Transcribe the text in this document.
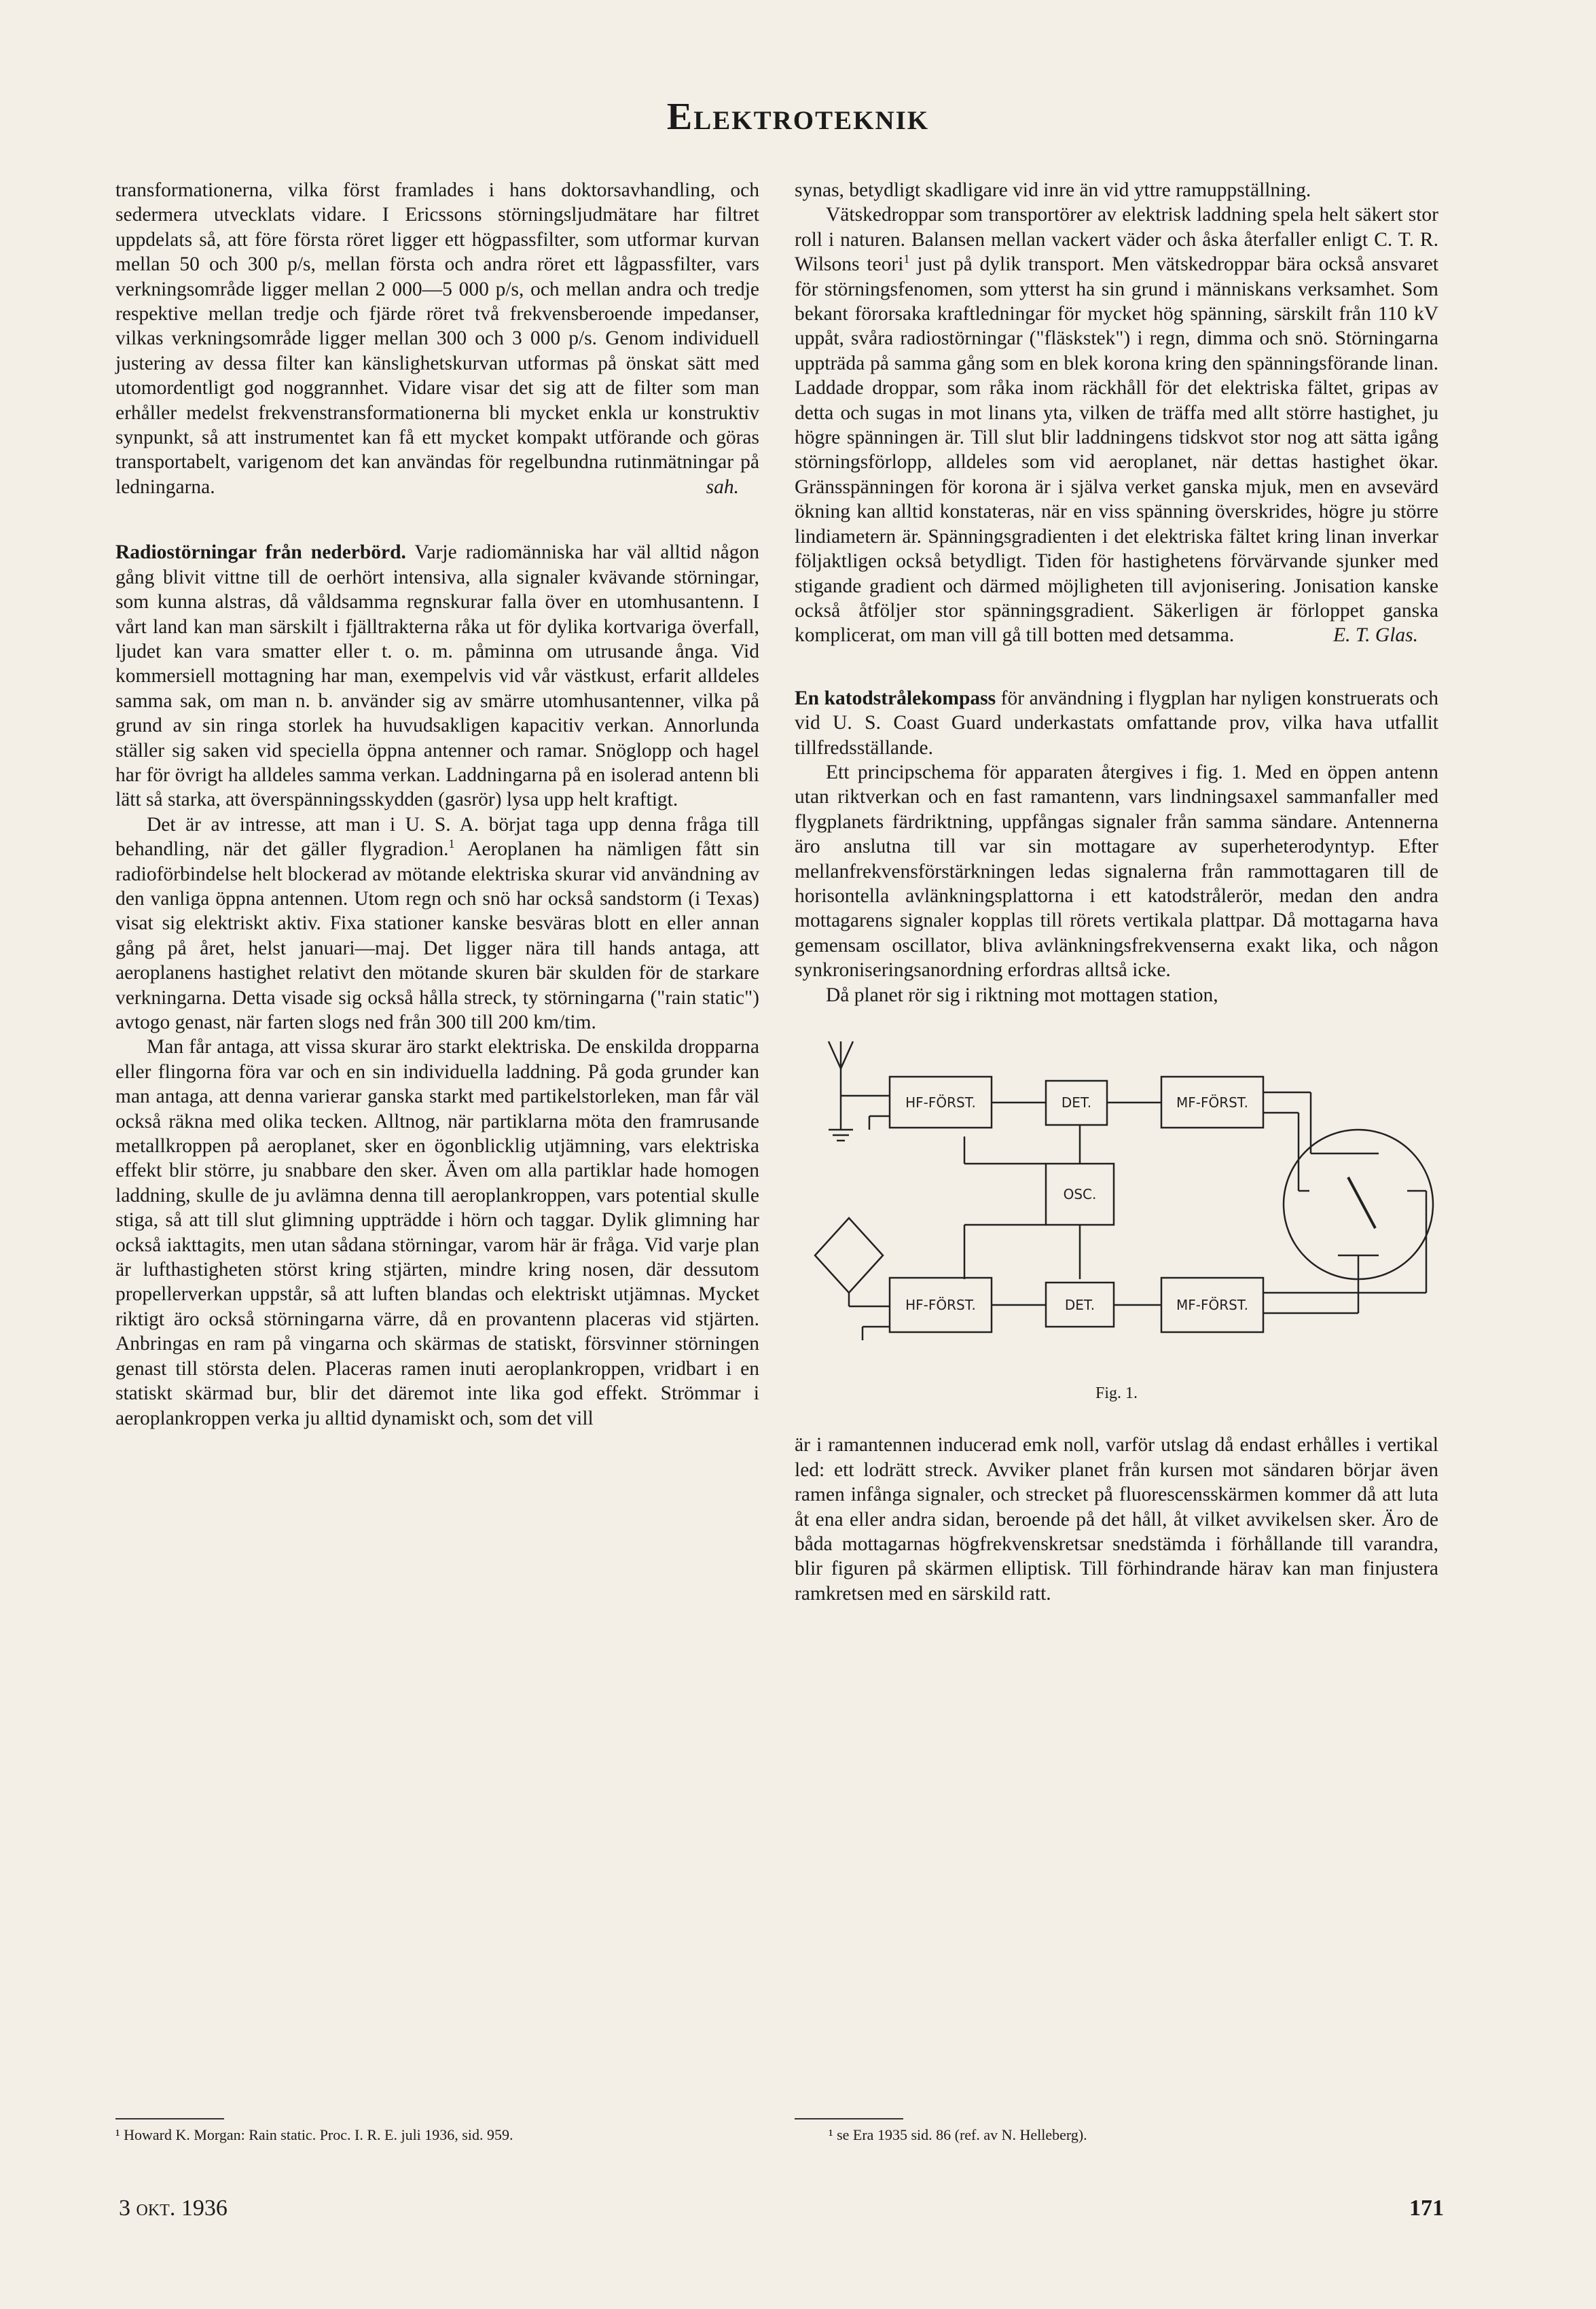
Elektroteknik

transformationerna, vilka först framlades i hans doktorsavhandling, och sedermera utvecklats vidare. I Ericssons störningsljudmätare har filtret uppdelats så, att före första röret ligger ett högpassfilter, som utformar kurvan mellan 50 och 300 p/s, mellan första och andra röret ett lågpassfilter, vars verkningsområde ligger mellan 2 000—5 000 p/s, och mellan andra och tredje respektive mellan tredje och fjärde röret två frekvensberoende impedanser, vilkas verkningsområde ligger mellan 300 och 3 000 p/s. Genom individuell justering av dessa filter kan känslighetskurvan utformas på önskat sätt med utomordentligt god noggrannhet. Vidare visar det sig att de filter som man erhåller medelst frekvenstransformationerna bli mycket enkla ur konstruktiv synpunkt, så att instrumentet kan få ett mycket kompakt utförande och göras transportabelt, varigenom det kan användas för regelbundna rutinmätningar på ledningarna.	sah.

Radiostörningar från nederbörd. Varje radiomänniska har väl alltid någon gång blivit vittne till de oerhört intensiva, alla signaler kvävande störningar, som kunna alstras, då våldsamma regnskurar falla över en utomhusantenn. I vårt land kan man särskilt i fjälltrakterna råka ut för dylika kortvariga överfall, ljudet kan vara smatter eller t. o. m. påminna om utrusande ånga. Vid kommersiell mottagning har man, exempelvis vid vår västkust, erfarit alldeles samma sak, om man n. b. använder sig av smärre utomhusantenner, vilka på grund av sin ringa storlek ha huvudsakligen kapacitiv verkan. Annorlunda ställer sig saken vid speciella öppna antenner och ramar. Snöglopp och hagel har för övrigt ha alldeles samma verkan. Laddningarna på en isolerad antenn bli lätt så starka, att överspänningsskydden (gasrör) lysa upp helt kraftigt.

Det är av intresse, att man i U. S. A. börjat taga upp denna fråga till behandling, när det gäller flygradion.$^1$ Aeroplanen ha nämligen fått sin radioförbindelse helt blockerad av mötande elektriska skurar vid användning av den vanliga öppna antennen. Utom regn och snö har också sandstorm (i Texas) visat sig elektriskt aktiv. Fixa stationer kanske besväras blott en eller annan gång på året, helst januari—maj. Det ligger nära till hands antaga, att aeroplanens hastighet relativt den mötande skuren bär skulden för de starkare verkningarna. Detta visade sig också hålla streck, ty störningarna ("rain static") avtogo genast, när farten slogs ned från 300 till 200 km/tim.

Man får antaga, att vissa skurar äro starkt elektriska. De enskilda dropparna eller flingorna föra var och en sin individuella laddning. På goda grunder kan man antaga, att denna varierar ganska starkt med partikelstorleken, man får väl också räkna med olika tecken. Alltnog, när partiklarna möta den framrusande metallkroppen på aeroplanet, sker en ögonblicklig utjämning, vars elektriska effekt blir större, ju snabbare den sker. Även om alla partiklar hade homogen laddning, skulle de ju avlämna denna till aeroplankroppen, vars potential skulle stiga, så att till slut glimning uppträdde i hörn och taggar. Dylik glimning har också iakttagits, men utan sådana störningar, varom här är fråga. Vid varje plan är lufthastigheten störst kring stjärten, mindre kring nosen, där dessutom propellerverkan uppstår, så att luften blandas och elektriskt utjämnas. Mycket riktigt äro också störningarna värre, då en provantenn placeras vid stjärten. Anbringas en ram på vingarna och skärmas de statiskt, försvinner störningen genast till största delen. Placeras ramen inuti aeroplankroppen, vridbart i en statiskt skärmad bur, blir det däremot inte lika god effekt. Strömmar i aeroplankroppen verka ju alltid dynamiskt och, som det vill

synas, betydligt skadligare vid inre än vid yttre ramuppställning.

Vätskedroppar som transportörer av elektrisk laddning spela helt säkert stor roll i naturen. Balansen mellan vackert väder och åska återfaller enligt C. T. R. Wilsons teori$^1$ just på dylik transport. Men vätskedroppar bära också ansvaret för störningsfenomen, som ytterst ha sin grund i människans verksamhet. Som bekant förorsaka kraftledningar för mycket hög spänning, särskilt från 110 kV uppåt, svåra radiostörningar ("fläskstek") i regn, dimma och snö. Störningarna uppträda på samma gång som en blek korona kring den spänningsförande linan. Laddade droppar, som råka inom räckhåll för det elektriska fältet, gripas av detta och sugas in mot linans yta, vilken de träffa med allt större hastighet, ju högre spänningen är. Till slut blir laddningens tidskvot stor nog att sätta igång störningsförlopp, alldeles som vid aeroplanet, när dettas hastighet ökar. Gränsspänningen för korona är i själva verket ganska mjuk, men en avsevärd ökning kan alltid konstateras, när en viss spänning överskrides, högre ju större lindiametern är. Spänningsgradienten i det elektriska fältet kring linan inverkar följaktligen också betydligt. Tiden för hastighetens förvärvande sjunker med stigande gradient och därmed möjligheten till avjonisering. Jonisation kanske också åtföljer stor spänningsgradient. Säkerligen är förloppet ganska komplicerat, om man vill gå till botten med detsamma.	E. T. Glas.

En katodstrålekompass för användning i flygplan har nyligen konstruerats och vid U. S. Coast Guard underkastats omfattande prov, vilka hava utfallit tillfredsställande.

Ett principschema för apparaten återgives i fig. 1. Med en öppen antenn utan riktverkan och en fast ramantenn, vars lindningsaxel sammanfaller med flygplanets färdriktning, uppfångas signaler från samma sändare. Antennerna äro anslutna till var sin mottagare av superheterodyntyp. Efter mellanfrekvensförstärkningen ledas signalerna från rammottagaren till de horisontella avlänkningsplattorna i ett katodstrålerör, medan den andra mottagarens signaler kopplas till rörets vertikala plattpar. Då mottagarna hava gemensam oscillator, bliva avlänkningsfrekvenserna exakt lika, och någon synkroniseringsanordning erfordras alltså icke.

Då planet rör sig i riktning mot mottagen station,

HF-FÖRST.	DET.	MF-FÖRST.
OSC.
HF-FÖRST.	DET.	MF-FÖRST.
Fig. 1.

är i ramantennen inducerad emk noll, varför utslag då endast erhålles i vertikal led: ett lodrätt streck. Avviker planet från kursen mot sändaren börjar även ramen infånga signaler, och strecket på fluorescensskärmen kommer då att luta åt ena eller andra sidan, beroende på det håll, åt vilket avvikelsen sker. Äro de båda mottagarnas högfrekvenskretsar snedstämda i förhållande till varandra, blir figuren på skärmen elliptisk. Till förhindrande härav kan man finjustera ramkretsen med en särskild ratt.

¹ Howard K. Morgan: Rain static. Proc. I. R. E. juli 1936, sid. 959.	¹ se Era 1935 sid. 86 (ref. av N. Helleberg).
3 okt. 1936	171
